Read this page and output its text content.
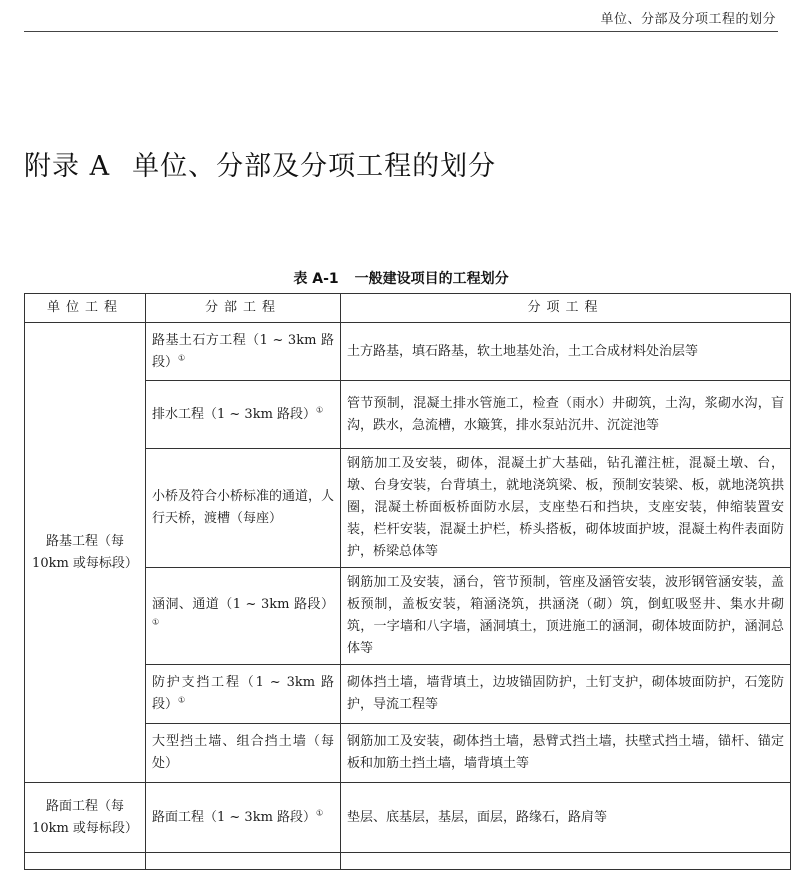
单位、分部及分项工程的划分
附录 A 单位、分部及分项工程的划分
表 A-1 一般建设项目的工程划分
单位工程	分部工程	分项工程
路基工程（每10km 或每标段）	路基土石方工程（1 ~ 3km 路段）①	土方路基，填石路基，软土地基处治，土工合成材料处治层等
	排水工程（1 ~ 3km 路段）①	管节预制，混凝土排水管施工，检查（雨水）井砌筑，土沟，浆砌水沟，盲沟，跌水，急流槽，水簸箕，排水泵站沉井、沉淀池等
	小桥及符合小桥标准的通道，人行天桥，渡槽（每座）	钢筋加工及安装，砌体，混凝土扩大基础，钻孔灌注桩，混凝土墩、台，墩、台身安装，台背填土，就地浇筑梁、板，预制安装梁、板，就地浇筑拱圈，混凝土桥面板桥面防水层，支座垫石和挡块，支座安装，伸缩装置安装，栏杆安装，混凝土护栏，桥头搭板，砌体坡面护坡，混凝土构件表面防护，桥梁总体等
	涵洞、通道（1 ~ 3km 路段）①	钢筋加工及安装，涵台，管节预制，管座及涵管安装，波形钢管涵安装，盖板预制，盖板安装，箱涵浇筑，拱涵浇（砌）筑，倒虹吸竖井、集水井砌筑，一字墙和八字墙，涵洞填土，顶进施工的涵洞，砌体坡面防护，涵洞总体等
	防护支挡工程（1 ~ 3km 路段）①	砌体挡土墙，墙背填土，边坡锚固防护，土钉支护，砌体坡面防护，石笼防护，导流工程等
	大型挡土墙、组合挡土墙（每处）	钢筋加工及安装，砌体挡土墙，悬臂式挡土墙，扶壁式挡土墙，锚杆、锚定板和加筋土挡土墙，墙背填土等
路面工程（每10km 或每标段）	路面工程（1 ~ 3km 路段）①	垫层、底基层，基层，面层，路缘石，路肩等
